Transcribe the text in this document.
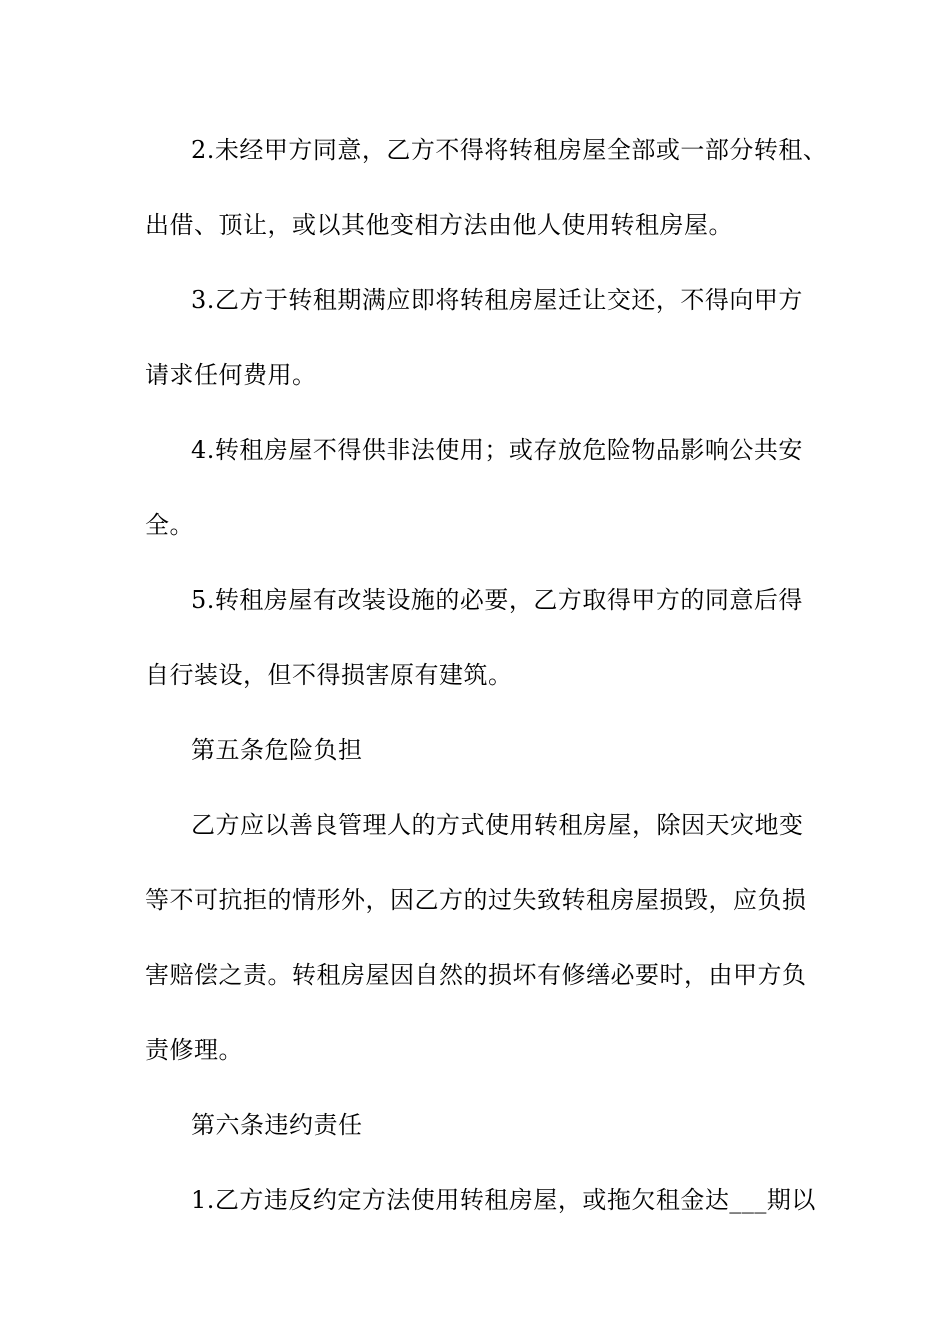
2.未经甲方同意，乙方不得将转租房屋全部或一部分转租、
出借、顶让，或以其他变相方法由他人使用转租房屋。
3.乙方于转租期满应即将转租房屋迁让交还，不得向甲方
请求任何费用。
4.转租房屋不得供非法使用；或存放危险物品影响公共安
全。
5.转租房屋有改装设施的必要，乙方取得甲方的同意后得
自行装设，但不得损害原有建筑。
第五条危险负担
乙方应以善良管理人的方式使用转租房屋，除因天灾地变
等不可抗拒的情形外，因乙方的过失致转租房屋损毁，应负损
害赔偿之责。转租房屋因自然的损坏有修缮必要时，由甲方负
责修理。
第六条违约责任
1.乙方违反约定方法使用转租房屋，或拖欠租金达___期以
